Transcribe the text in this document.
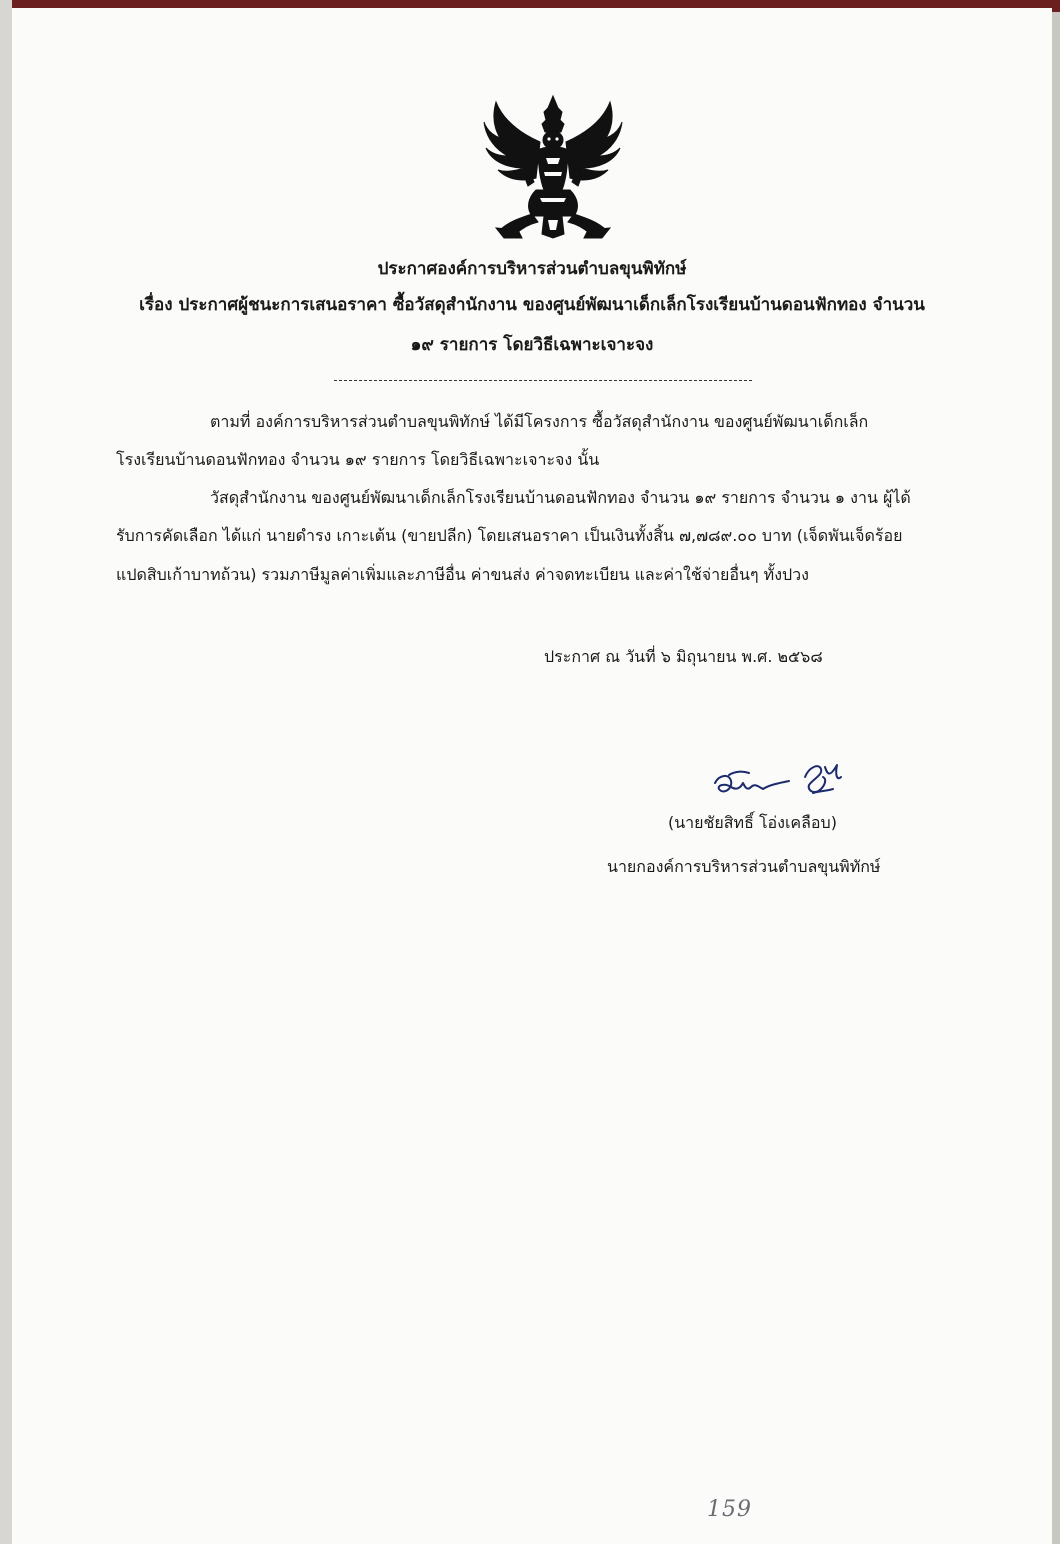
ประกาศองค์การบริหารส่วนตำบลขุนพิทักษ์
เรื่อง ประกาศผู้ชนะการเสนอราคา ซื้อวัสดุสำนักงาน ของศูนย์พัฒนาเด็กเล็กโรงเรียนบ้านดอนฟักทอง จำนวน
๑๙ รายการ โดยวิธีเฉพาะเจาะจง
ตามที่ องค์การบริหารส่วนตำบลขุนพิทักษ์ ได้มีโครงการ ซื้อวัสดุสำนักงาน ของศูนย์พัฒนาเด็กเล็ก
โรงเรียนบ้านดอนฟักทอง จำนวน ๑๙ รายการ โดยวิธีเฉพาะเจาะจง นั้น
วัสดุสำนักงาน ของศูนย์พัฒนาเด็กเล็กโรงเรียนบ้านดอนฟักทอง จำนวน ๑๙ รายการ จำนวน ๑ งาน ผู้ได้
รับการคัดเลือก ได้แก่ นายดำรง เกาะเต้น (ขายปลีก) โดยเสนอราคา เป็นเงินทั้งสิ้น ๗,๗๘๙.๐๐ บาท (เจ็ดพันเจ็ดร้อย
แปดสิบเก้าบาทถ้วน) รวมภาษีมูลค่าเพิ่มและภาษีอื่น ค่าขนส่ง ค่าจดทะเบียน และค่าใช้จ่ายอื่นๆ ทั้งปวง
ประกาศ ณ วันที่ ๖ มิถุนายน พ.ศ. ๒๕๖๘
(นายชัยสิทธิ์ โอ่งเคลือบ)
นายกองค์การบริหารส่วนตำบลขุนพิทักษ์
159
